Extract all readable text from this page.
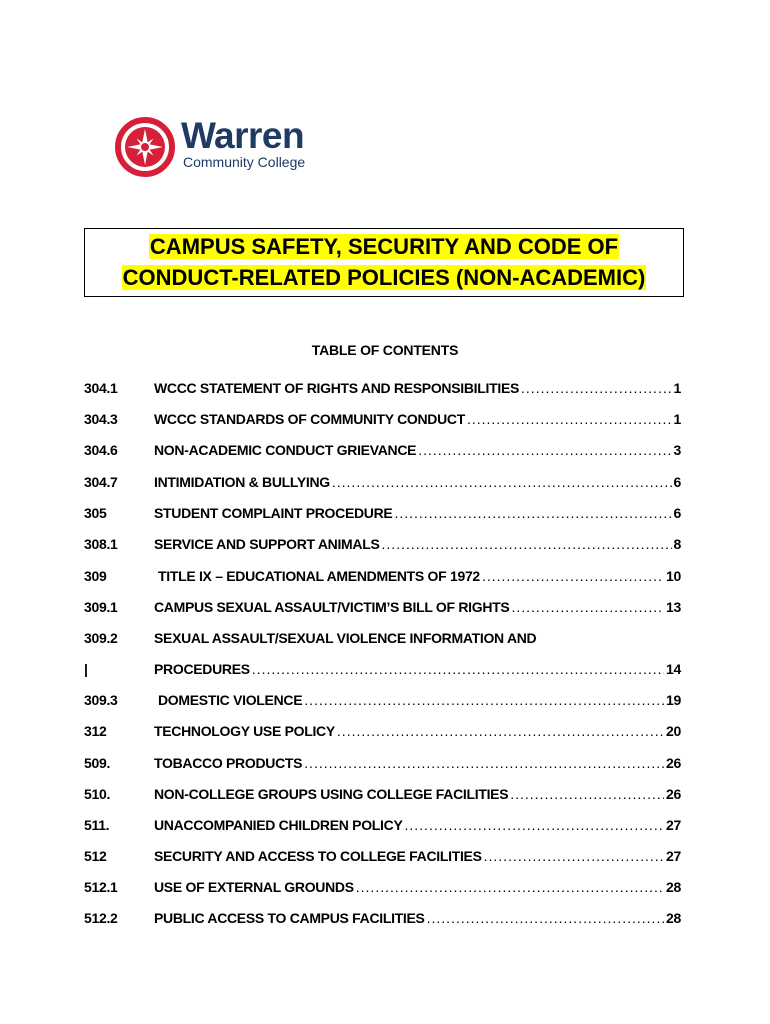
Warren
Community College
CAMPUS SAFETY, SECURITY AND CODE OF
CONDUCT-RELATED POLICIES (NON-ACADEMIC)
TABLE OF CONTENTS
304.1	WCCC STATEMENT OF RIGHTS AND RESPONSIBILITIES .....	1
304.3	WCCC STANDARDS OF COMMUNITY CONDUCT .....	1
304.6	NON-ACADEMIC CONDUCT GRIEVANCE .....	3
304.7	INTIMIDATION & BULLYING .....	6
305	STUDENT COMPLAINT PROCEDURE .....	6
308.1	SERVICE AND SUPPORT ANIMALS .....	8
309	TITLE IX – EDUCATIONAL AMENDMENTS OF 1972 .....	10
309.1	CAMPUS SEXUAL ASSAULT/VICTIM’S BILL OF RIGHTS .....	13
309.2	SEXUAL ASSAULT/SEXUAL VIOLENCE INFORMATION AND
|	PROCEDURES .....	14
309.3	DOMESTIC VIOLENCE .....	19
312	TECHNOLOGY USE POLICY .....	20
509.	TOBACCO PRODUCTS .....	26
510.	NON-COLLEGE GROUPS USING COLLEGE FACILITIES .....	26
511.	UNACCOMPANIED CHILDREN POLICY .....	27
512	SECURITY AND ACCESS TO COLLEGE FACILITIES .....	27
512.1	USE OF EXTERNAL GROUNDS .....	28
512.2	PUBLIC ACCESS TO CAMPUS FACILITIES .....	28
